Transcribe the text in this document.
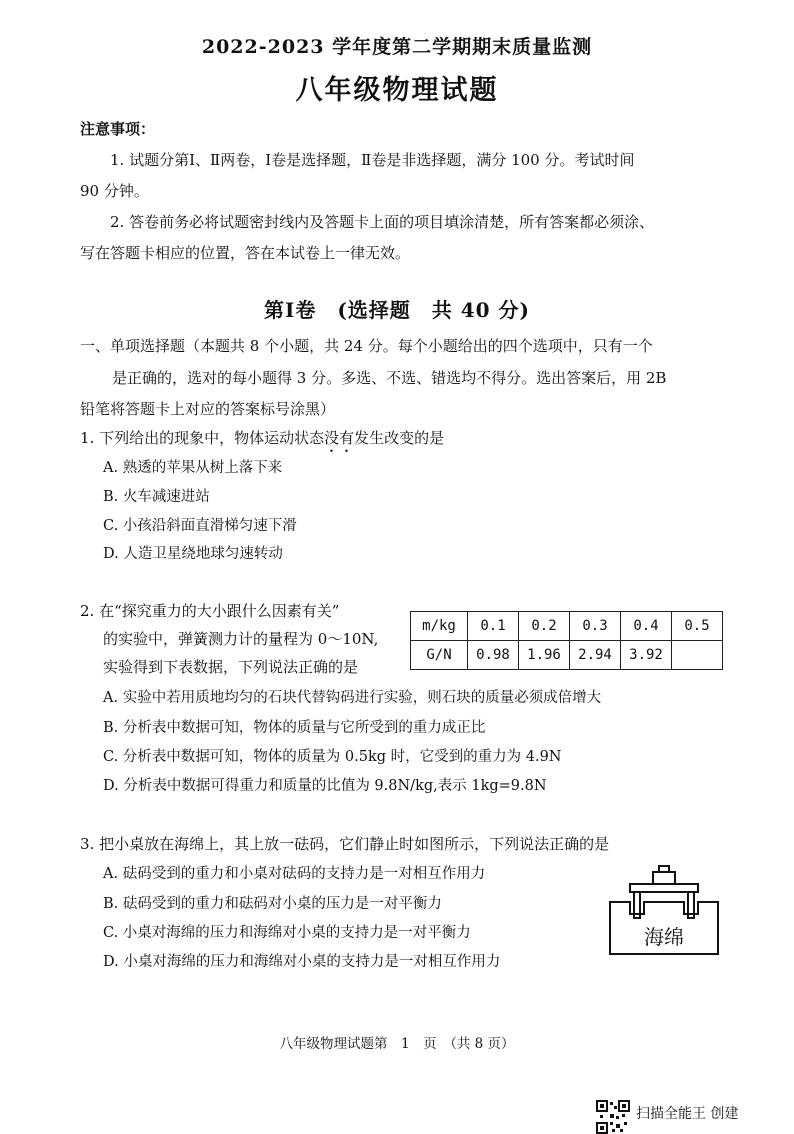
2022-2023 学年度第二学期期末质量监测
八年级物理试题
注意事项：
1. 试题分第Ⅰ、Ⅱ两卷，Ⅰ卷是选择题，Ⅱ卷是非选择题，满分 100 分。考试时间
90 分钟。
2. 答卷前务必将试题密封线内及答题卡上面的项目填涂清楚，所有答案都必须涂、
写在答题卡相应的位置，答在本试卷上一律无效。
第Ⅰ卷　(选择题　共 40 分)
一、单项选择题（本题共 8 个小题，共 24 分。每个小题给出的四个选项中，只有一个
是正确的，选对的每小题得 3 分。多选、不选、错选均不得分。选出答案后，用 2B
铅笔将答题卡上对应的答案标号涂黑）
1. 下列给出的现象中，物体运动状态没有发生改变的是
A. 熟透的苹果从树上落下来
B. 火车减速进站
C. 小孩沿斜面直滑梯匀速下滑
D. 人造卫星绕地球匀速转动
2. 在“探究重力的大小跟什么因素有关”
的实验中，弹簧测力计的量程为 0～10N,
实验得到下表数据，下列说法正确的是
m/kg	0.1	0.2	0.3	0.4	0.5
G/N	0.98	1.96	2.94	3.92	
A. 实验中若用质地均匀的石块代替钩码进行实验，则石块的质量必须成倍增大
B. 分析表中数据可知，物体的质量与它所受到的重力成正比
C. 分析表中数据可知，物体的质量为 0.5kg 时，它受到的重力为 4.9N
D. 分析表中数据可得重力和质量的比值为 9.8N/kg,表示 1kg=9.8N
3. 把小桌放在海绵上，其上放一砝码，它们静止时如图所示，下列说法正确的是
A. 砝码受到的重力和小桌对砝码的支持力是一对相互作用力
B. 砝码受到的重力和砝码对小桌的压力是一对平衡力
C. 小桌对海绵的压力和海绵对小桌的支持力是一对平衡力
D. 小桌对海绵的压力和海绵对小桌的支持力是一对相互作用力
海绵
八年级物理试题第　1　页　（共 8 页）
扫描全能王 创建
